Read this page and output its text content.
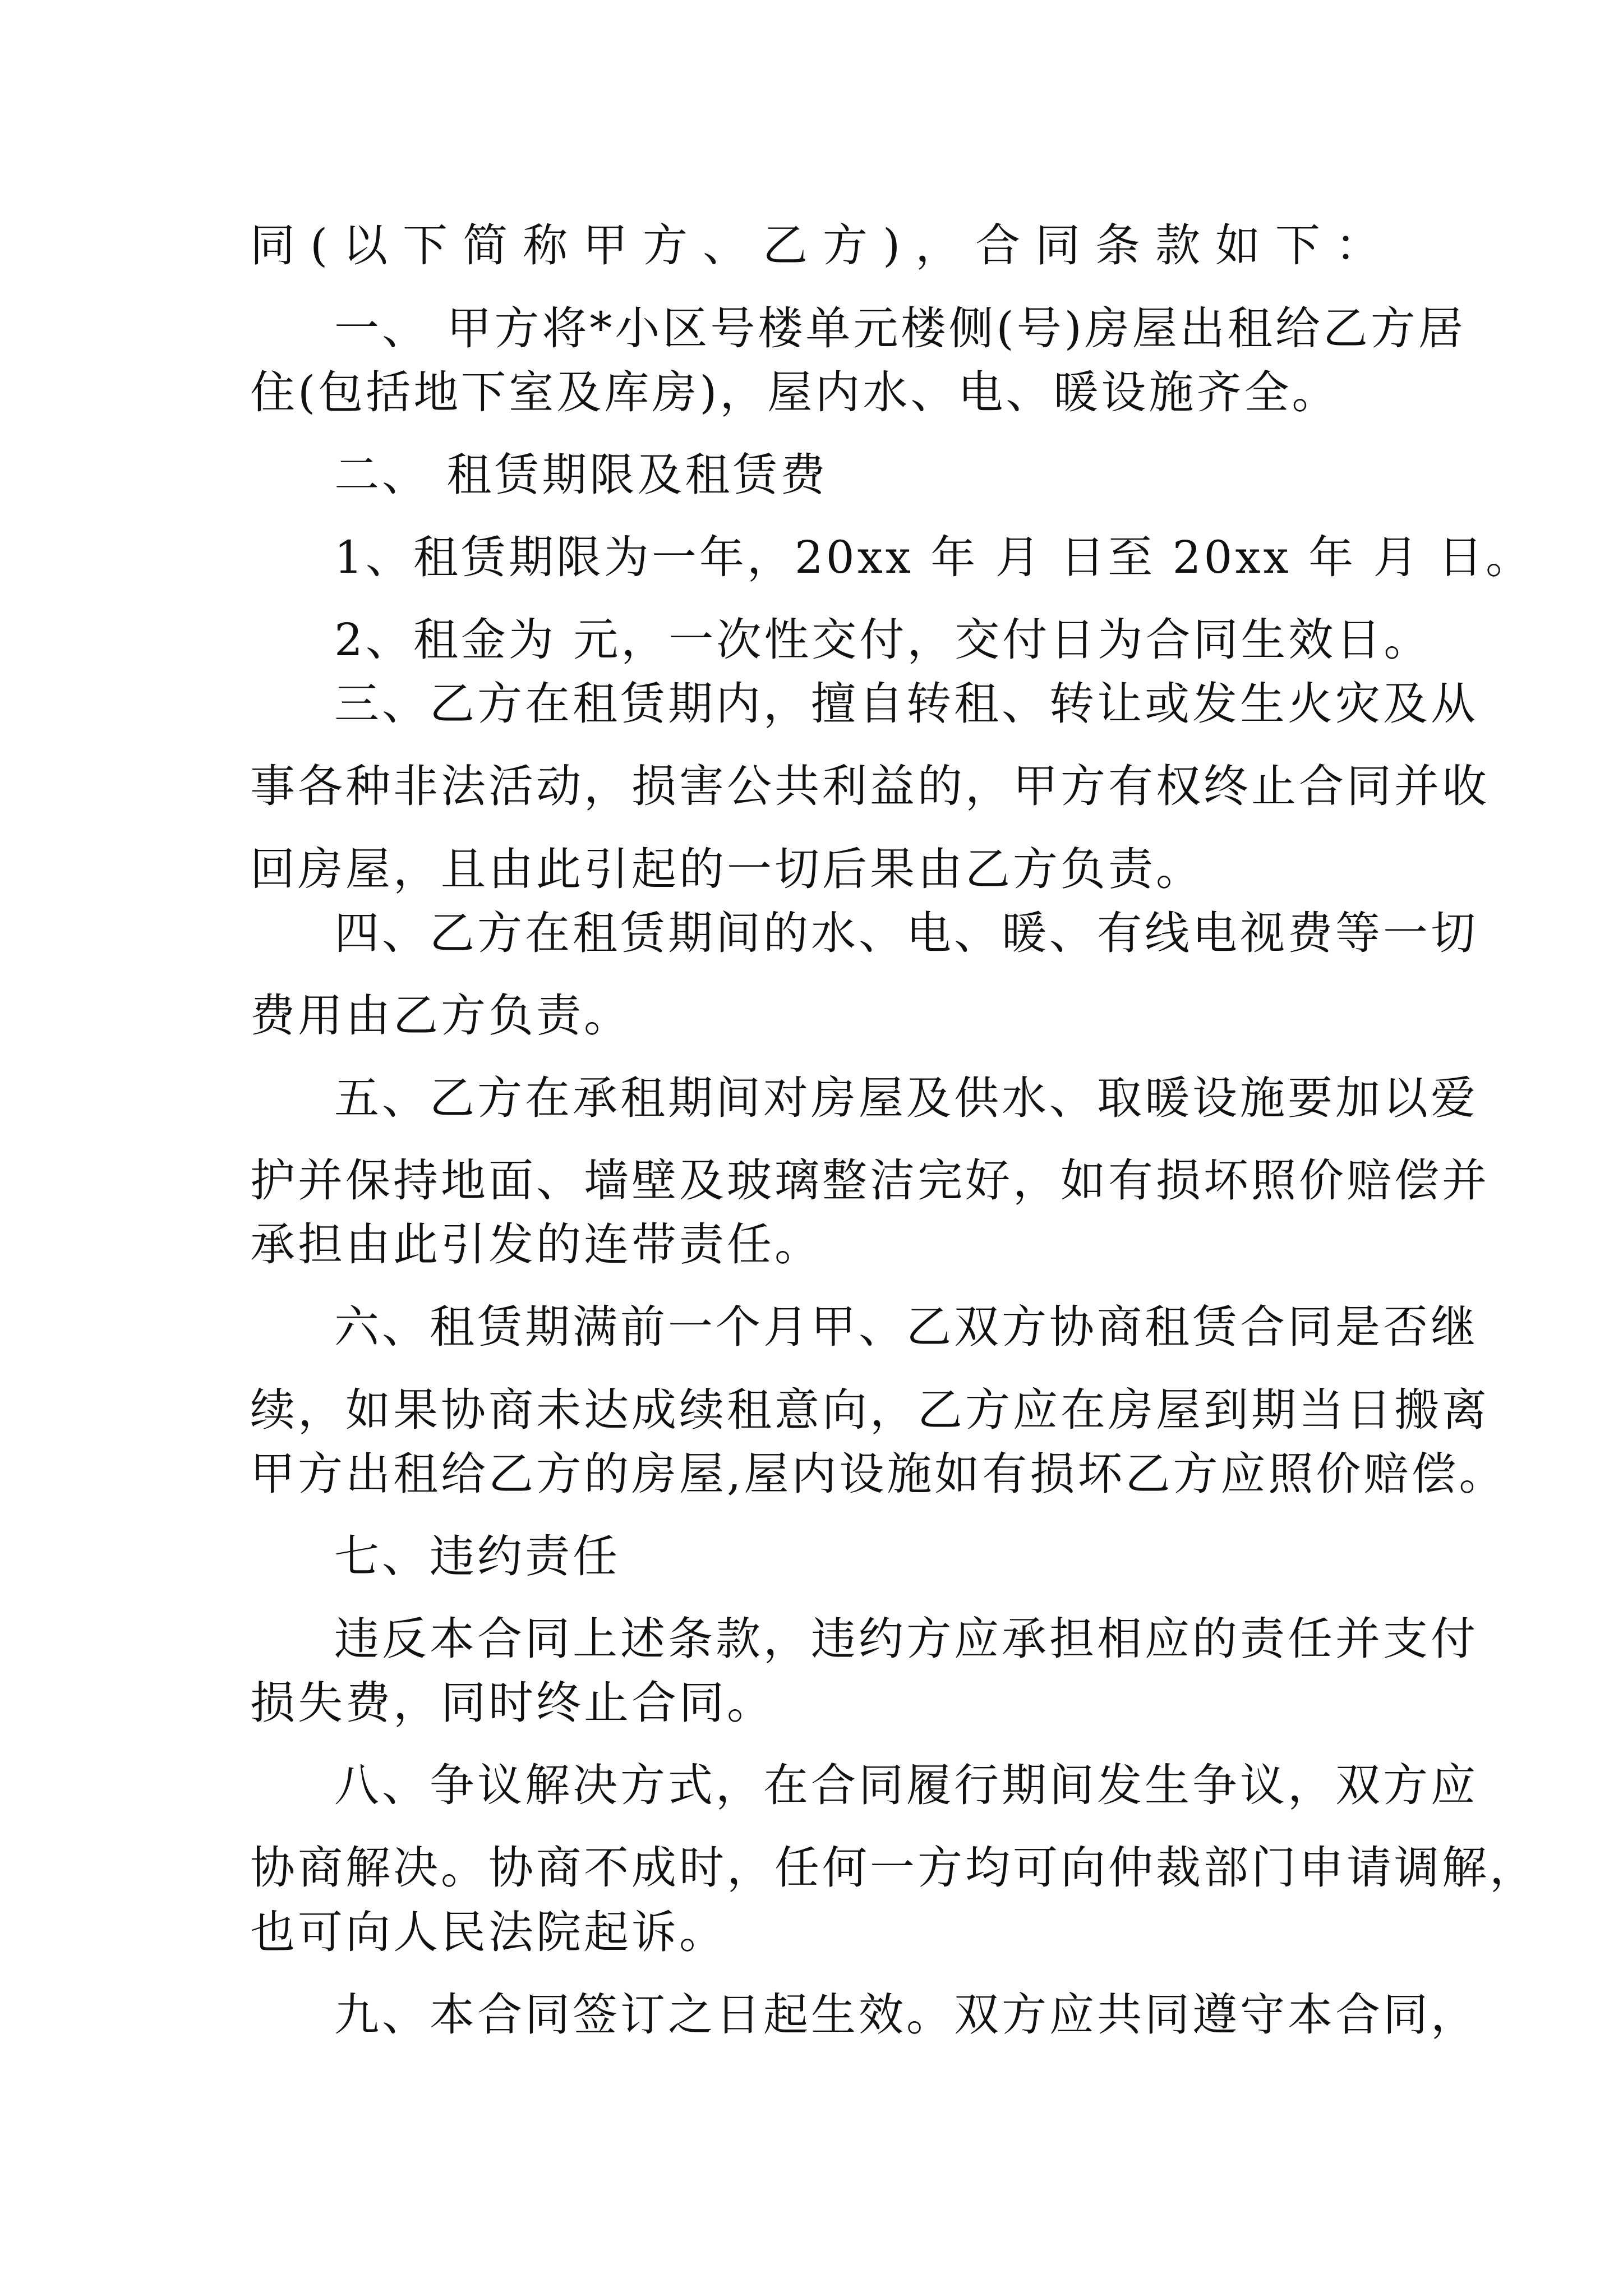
同(以下简称甲方、乙方)，合同条款如下：

一、 甲方将*小区号楼单元楼侧(号)房屋出租给乙方居

住(包括地下室及库房)，屋内水、电、暖设施齐全。

二、 租赁期限及租赁费

1、租赁期限为一年，20xx 年 月 日至 20xx 年 月 日。

2、租金为 元，一次性交付，交付日为合同生效日。

三、乙方在租赁期内，擅自转租、转让或发生火灾及从

事各种非法活动，损害公共利益的，甲方有权终止合同并收

回房屋，且由此引起的一切后果由乙方负责。

四、乙方在租赁期间的水、电、暖、有线电视费等一切

费用由乙方负责。

五、乙方在承租期间对房屋及供水、取暖设施要加以爱

护并保持地面、墙壁及玻璃整洁完好，如有损坏照价赔偿并

承担由此引发的连带责任。

六、租赁期满前一个月甲、乙双方协商租赁合同是否继

续，如果协商未达成续租意向，乙方应在房屋到期当日搬离

甲方出租给乙方的房屋,屋内设施如有损坏乙方应照价赔偿。

七、违约责任

违反本合同上述条款，违约方应承担相应的责任并支付

损失费，同时终止合同。

八、争议解决方式，在合同履行期间发生争议，双方应

协商解决。协商不成时，任何一方均可向仲裁部门申请调解，

也可向人民法院起诉。

九、本合同签订之日起生效。双方应共同遵守本合同，
